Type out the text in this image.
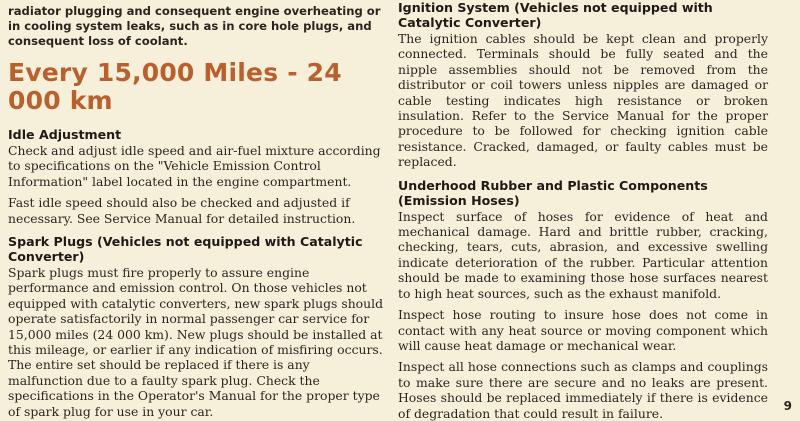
radiator plugging and consequent engine overheating or in cooling system leaks, such as in core hole plugs, and consequent loss of coolant.

Every 15,000 Miles - 24 000 km
Idle Adjustment

Check and adjust idle speed and air-fuel mixture according to specifications on the "Vehicle Emission Control Information" label located in the engine compartment.

Fast idle speed should also be checked and adjusted if necessary. See Service Manual for detailed instruction.

Spark Plugs (Vehicles not equipped with Catalytic Converter)

Spark plugs must fire properly to assure engine performance and emission control. On those vehicles not equipped with catalytic converters, new spark plugs should operate satisfactorily in normal passenger car service for 15,000 miles (24 000 km). New plugs should be installed at this mileage, or earlier if any indication of misfiring occurs. The entire set should be replaced if there is any malfunction due to a faulty spark plug. Check the specifications in the Operator's Manual for the proper type of spark plug for use in your car.

Ignition System (Vehicles not equipped with Catalytic Converter)

The ignition cables should be kept clean and properly connected. Terminals should be fully seated and the nipple assemblies should not be removed from the distributor or coil towers unless nipples are damaged or cable testing indicates high resistance or broken insulation. Refer to the Service Manual for the proper procedure to be followed for checking ignition cable resistance. Cracked, damaged, or faulty cables must be replaced.

Underhood Rubber and Plastic Components (Emission Hoses)

Inspect surface of hoses for evidence of heat and mechanical damage. Hard and brittle rubber, cracking, checking, tears, cuts, abrasion, and excessive swelling indicate deterioration of the rubber. Particular attention should be made to examining those hose surfaces nearest to high heat sources, such as the exhaust manifold.

Inspect hose routing to insure hose does not come in contact with any heat source or moving component which will cause heat damage or mechanical wear.

Inspect all hose connections such as clamps and couplings to make sure there are secure and no leaks are present. Hoses should be replaced immediately if there is evidence of degradation that could result in failure.	9
